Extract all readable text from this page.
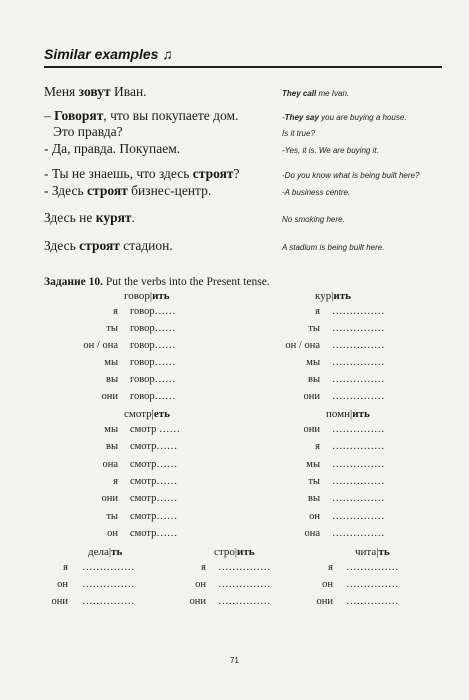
Similar examples ♫
Меня зовут Иван.	They call me Ivan.
– Говорят, что вы покупаете дом.	-They say you are buying a house.
Это правда?	Is it true?
- Да, правда. Покупаем.	-Yes, it is. We are buying it.
- Ты не знаешь, что здесь строят?	-Do you know what is being built here?
- Здесь строят бизнес-центр.	-A business centre.
Здесь не курят.	No smoking here.
Здесь строят стадион.	A stadium is being built here.
Задание 10. Put the verbs into the Present tense.
говор|ить
я говор……
ты говор……
он / она говор……
мы говор……
вы говор……
они говор……
кур|ить
я ……………
ты ……………
он / она ……………
мы ……………
вы ……………
они ……………
смотр|еть
мы смотр ……
вы смотр……
она смотр……
я смотр……
они смотр……
ты смотр……
он смотр……
помн|ить
они ……………
я ……………
мы ……………
ты ……………
вы ……………
он ……………
она ……………
дела|ть
я ……………
он ……………
они ……………
стро|ить
я ……………
он ……………
они ……………
чита|ть
я ……………
он ……………
они ……………
71
